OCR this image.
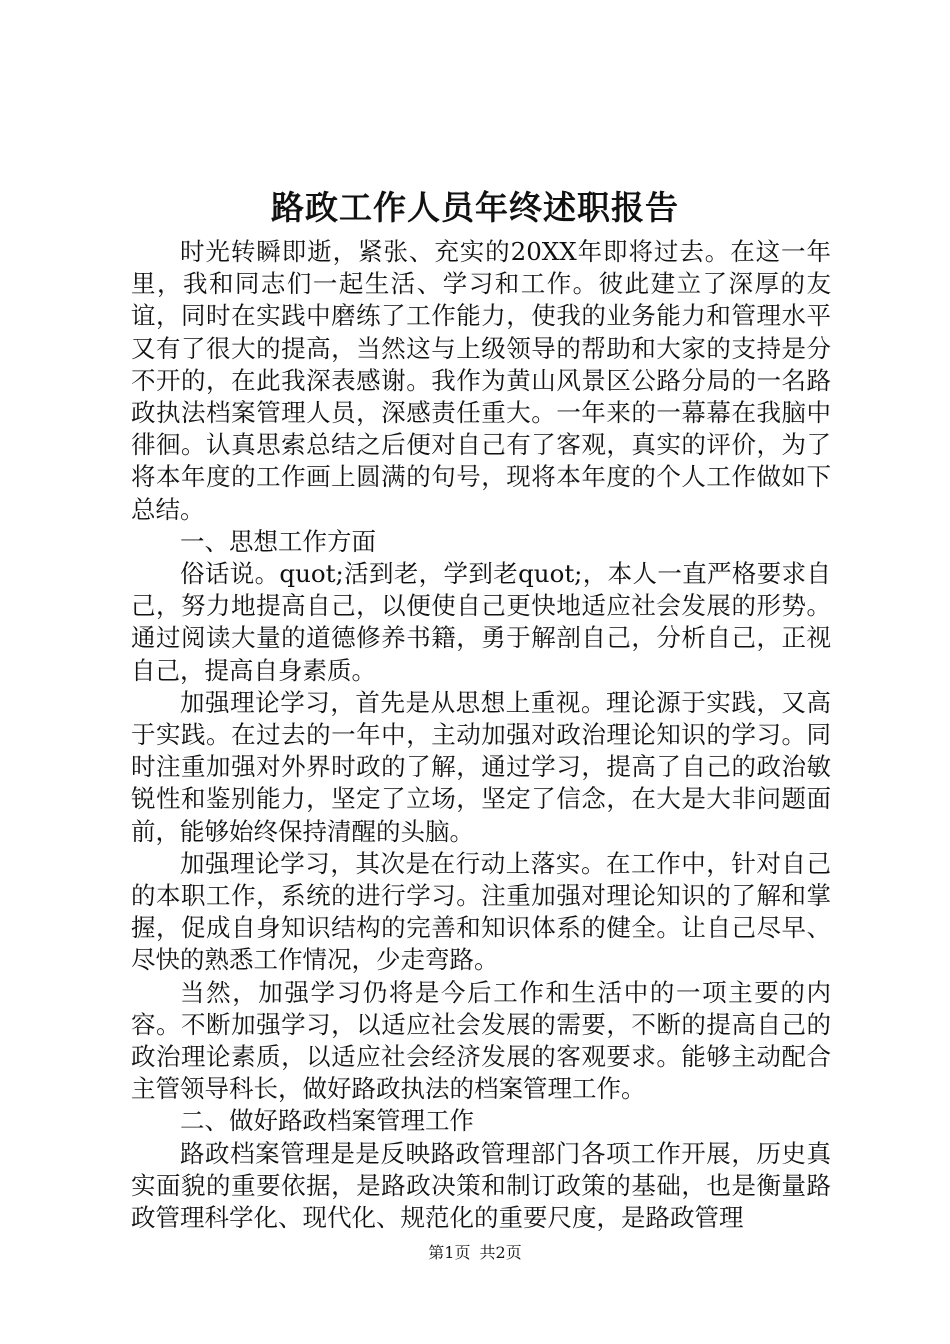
路政工作人员年终述职报告

时光转瞬即逝，紧张、充实的20XX年即将过去。在这一年里，我和同志们一起生活、学习和工作。彼此建立了深厚的友谊，同时在实践中磨练了工作能力，使我的业务能力和管理水平又有了很大的提高，当然这与上级领导的帮助和大家的支持是分不开的，在此我深表感谢。我作为黄山风景区公路分局的一名路政执法档案管理人员，深感责任重大。一年来的一幕幕在我脑中徘徊。认真思索总结之后便对自己有了客观，真实的评价，为了将本年度的工作画上圆满的句号，现将本年度的个人工作做如下总结。

一、思想工作方面

俗话说。quot;活到老，学到老quot;，本人一直严格要求自己，努力地提高自己，以便使自己更快地适应社会发展的形势。通过阅读大量的道德修养书籍，勇于解剖自己，分析自己，正视自己，提高自身素质。

加强理论学习，首先是从思想上重视。理论源于实践，又高于实践。在过去的一年中，主动加强对政治理论知识的学习。同时注重加强对外界时政的了解，通过学习，提高了自己的政治敏锐性和鉴别能力，坚定了立场，坚定了信念，在大是大非问题面前，能够始终保持清醒的头脑。

加强理论学习，其次是在行动上落实。在工作中，针对自己的本职工作，系统的进行学习。注重加强对理论知识的了解和掌握，促成自身知识结构的完善和知识体系的健全。让自己尽早、尽快的熟悉工作情况，少走弯路。

当然，加强学习仍将是今后工作和生活中的一项主要的内容。不断加强学习，以适应社会发展的需要，不断的提高自己的政治理论素质，以适应社会经济发展的客观要求。能够主动配合主管领导科长，做好路政执法的档案管理工作。

二、做好路政档案管理工作

路政档案管理是是反映路政管理部门各项工作开展，历史真实面貌的重要依据，是路政决策和制订政策的基础，也是衡量路政管理科学化、现代化、规范化的重要尺度，是路政管理

第1页 共2页
